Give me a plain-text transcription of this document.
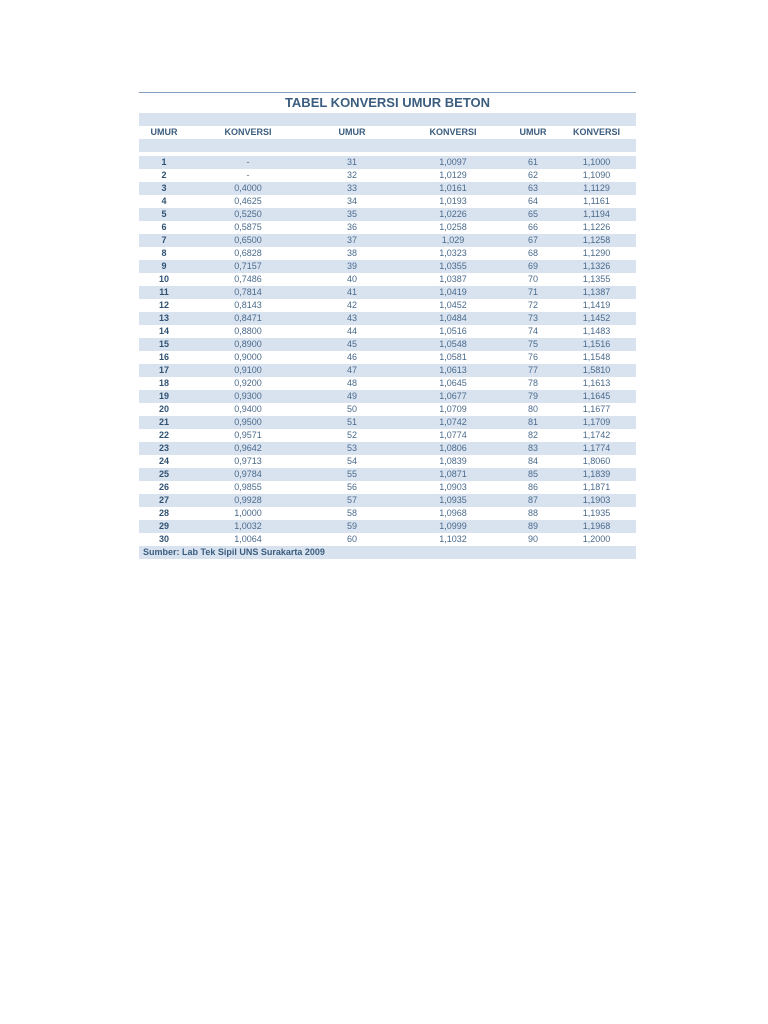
TABEL KONVERSI UMUR BETON
UMUR	KONVERSI	UMUR	KONVERSI	UMUR	KONVERSI
1	-	31	1,0097	61	1,1000
2	-	32	1,0129	62	1,1090
3	0,4000	33	1,0161	63	1,1129
4	0,4625	34	1,0193	64	1,1161
5	0,5250	35	1,0226	65	1,1194
6	0,5875	36	1,0258	66	1,1226
7	0,6500	37	1,029	67	1,1258
8	0,6828	38	1,0323	68	1,1290
9	0,7157	39	1,0355	69	1,1326
10	0,7486	40	1,0387	70	1,1355
11	0,7814	41	1,0419	71	1,1387
12	0,8143	42	1,0452	72	1,1419
13	0,8471	43	1,0484	73	1,1452
14	0,8800	44	1,0516	74	1,1483
15	0,8900	45	1,0548	75	1,1516
16	0,9000	46	1,0581	76	1,1548
17	0,9100	47	1,0613	77	1,5810
18	0,9200	48	1,0645	78	1,1613
19	0,9300	49	1,0677	79	1,1645
20	0,9400	50	1,0709	80	1,1677
21	0,9500	51	1,0742	81	1,1709
22	0,9571	52	1,0774	82	1,1742
23	0,9642	53	1,0806	83	1,1774
24	0,9713	54	1,0839	84	1,8060
25	0,9784	55	1,0871	85	1,1839
26	0,9855	56	1,0903	86	1,1871
27	0,9928	57	1,0935	87	1,1903
28	1,0000	58	1,0968	88	1,1935
29	1,0032	59	1,0999	89	1,1968
30	1,0064	60	1,1032	90	1,2000
Sumber: Lab Tek Sipil UNS Surakarta 2009
